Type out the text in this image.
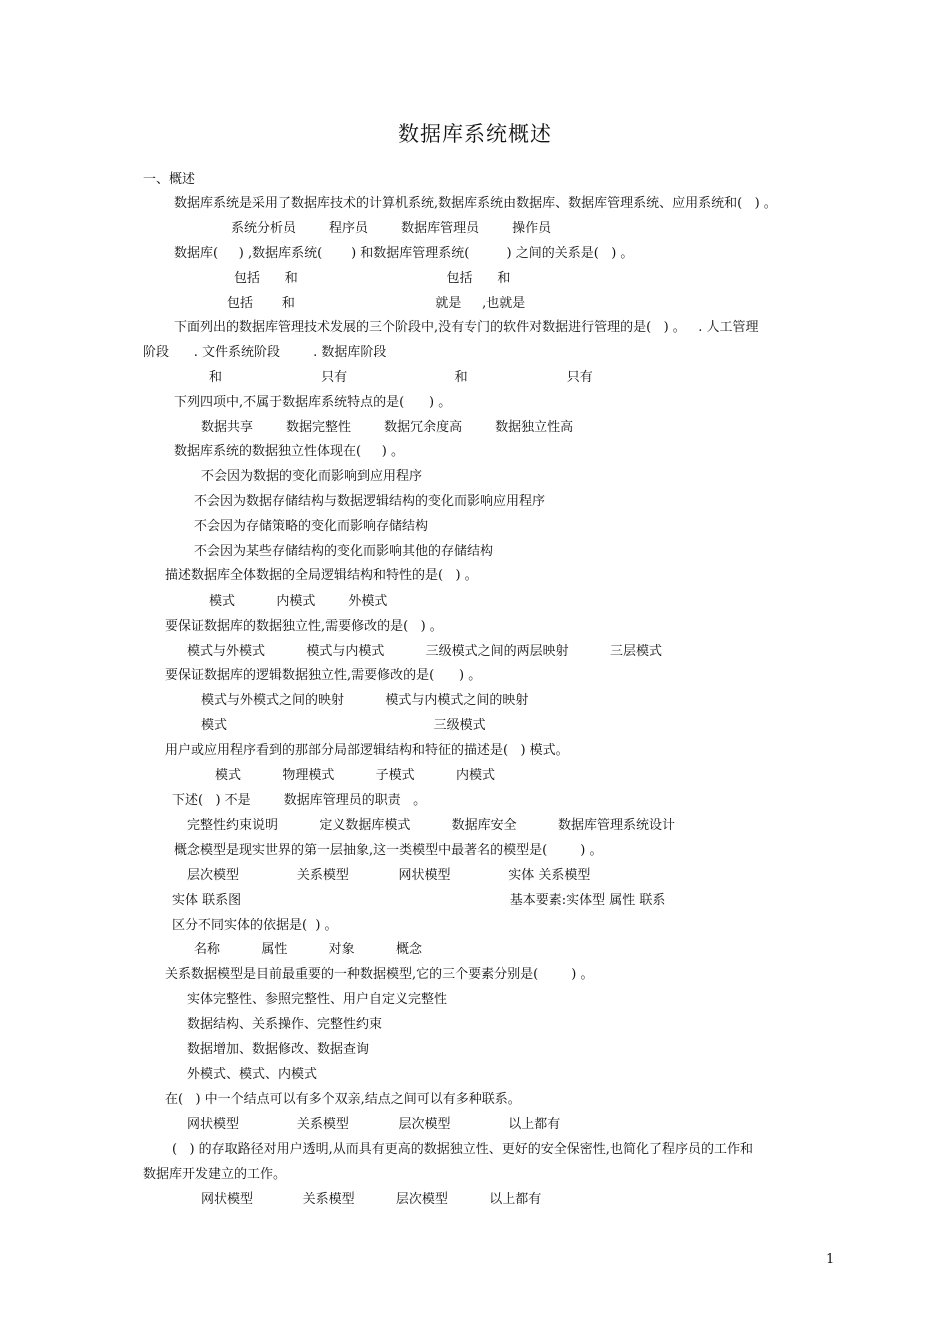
数据库系统概述
一、概述
数据库系统是采用了数据库技术的计算机系统,数据库系统由数据库、数据库管理系统、应用系统和(   ) 。
系统分析员        程序员        数据库管理员        操作员
数据库(     ) ,数据库系统(       ) 和数据库管理系统(         ) 之间的关系是(   ) 。
包括      和                                    包括      和
包括       和                                  就是     ,也就是
下面列出的数据库管理技术发展的三个阶段中,没有专门的软件对数据进行管理的是(   ) 。   . 人工管理
阶段      . 文件系统阶段        . 数据库阶段
和                        只有                          和                        只有
下列四项中,不属于数据库系统特点的是(      ) 。
数据共享        数据完整性        数据冗余度高        数据独立性高
数据库系统的数据独立性体现在(     ) 。
不会因为数据的变化而影响到应用程序
不会因为数据存储结构与数据逻辑结构的变化而影响应用程序
不会因为存储策略的变化而影响存储结构
不会因为某些存储结构的变化而影响其他的存储结构
描述数据库全体数据的全局逻辑结构和特性的是(   ) 。
模式          内模式        外模式
要保证数据库的数据独立性,需要修改的是(   ) 。
模式与外模式          模式与内模式          三级模式之间的两层映射          三层模式
要保证数据库的逻辑数据独立性,需要修改的是(      ) 。
模式与外模式之间的映射          模式与内模式之间的映射
模式                                                  三级模式
用户或应用程序看到的那部分局部逻辑结构和特征的描述是(   ) 模式。
模式          物理模式          子模式          内模式
下述(   ) 不是        数据库管理员的职责   。
完整性约束说明          定义数据库模式          数据库安全          数据库管理系统设计
概念模型是现实世界的第一层抽象,这一类模型中最著名的模型是(        ) 。
层次模型              关系模型            网状模型              实体 关系模型
实体 联系图                                                                 基本要素:实体型 属性 联系
区分不同实体的依据是(  ) 。
名称          属性          对象          概念
关系数据模型是目前最重要的一种数据模型,它的三个要素分别是(        ) 。
实体完整性、参照完整性、用户自定义完整性
数据结构、关系操作、完整性约束
数据增加、数据修改、数据查询
外模式、模式、内模式
在(   ) 中一个结点可以有多个双亲,结点之间可以有多种联系。
网状模型              关系模型            层次模型              以上都有
(   ) 的存取路径对用户透明,从而具有更高的数据独立性、更好的安全保密性,也简化了程序员的工作和
数据库开发建立的工作。
网状模型            关系模型          层次模型          以上都有
1
